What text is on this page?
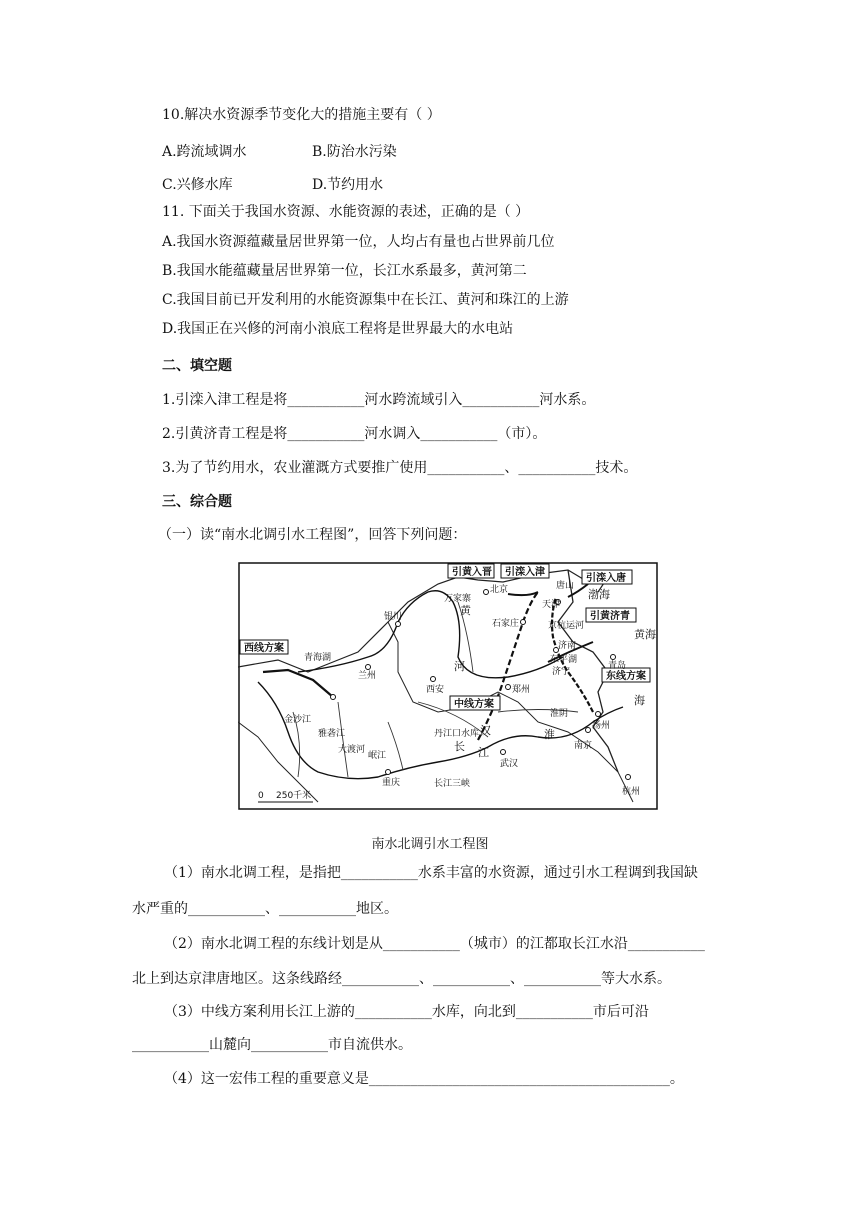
10.解决水资源季节变化大的措施主要有（ ）
A.跨流域调水	B.防治水污染
C.兴修水库	D.节约用水
11. 下面关于我国水资源、水能资源的表述，正确的是（ ）
A.我国水资源蕴藏量居世界第一位，人均占有量也占世界前几位
B.我国水能蕴藏量居世界第一位，长江水系最多，黄河第二
C.我国目前已开发利用的水能资源集中在长江、黄河和珠江的上游
D.我国正在兴修的河南小浪底工程将是世界最大的水电站
二、填空题
1.引滦入津工程是将___________河水跨流域引入___________河水系。
2.引黄济青工程是将___________河水调入___________（市）。
3.为了节约用水，农业灌溉方式要推广使用___________、___________技术。
三、综合题
（一）读“南水北调引水工程图”，回答下列问题：
引黄入晋 引滦入津
引滦入唐
引黄济青
西线方案
中线方案
东线方案
北京
天津
唐山
石家庄
万家寨
银川
兰州
西安	郑州
济南
青岛
济宁
东平湖
扬州
南京
杭州
武汉
重庆
淮阴
青海湖
丹江口水库
长江三峡
0 250千米
黄
河
长 江
汉	淮
金沙江
雅砻江
大渡河
岷江
京杭运河
渤海
黄海
海
南水北调引水工程图
（1）南水北调工程，是指把___________水系丰富的水资源，通过引水工程调到我国缺
水严重的___________、___________地区。
（2）南水北调工程的东线计划是从___________（城市）的江都取长江水沿___________
北上到达京津唐地区。这条线路经___________、___________、___________等大水系。
（3）中线方案利用长江上游的___________水库，向北到___________市后可沿
___________山麓向___________市自流供水。
（4）这一宏伟工程的重要意义是___________________________________________。
